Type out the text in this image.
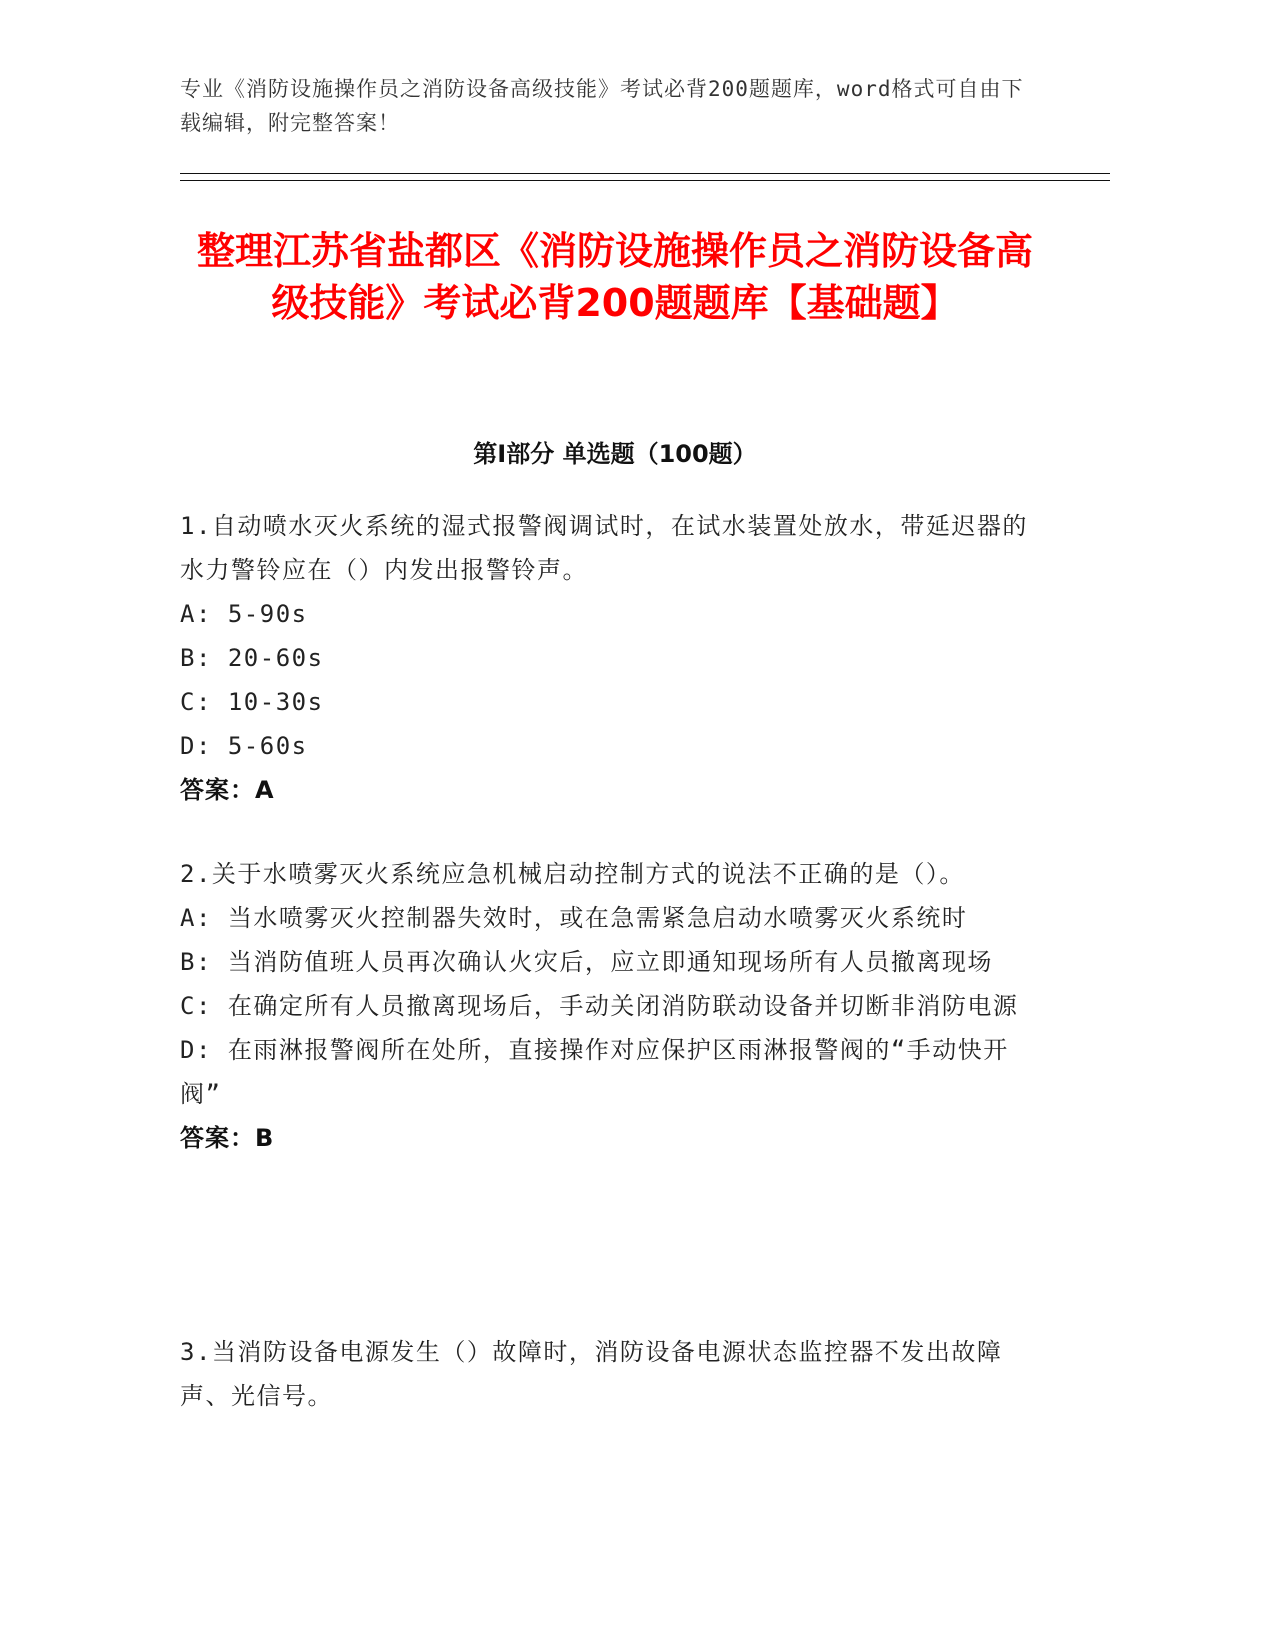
专业《消防设施操作员之消防设备高级技能》考试必背200题题库，word格式可自由下载编辑，附完整答案！
整理江苏省盐都区《消防设施操作员之消防设备高级技能》考试必背200题题库【基础题】
第Ⅰ部分 单选题（100题）

1.自动喷水灭火系统的湿式报警阀调试时，在试水装置处放水，带延迟器的水力警铃应在（）内发出报警铃声。

A: 5-90s

B: 20-60s

C: 10-30s

D: 5-60s

答案：A

2.关于水喷雾灭火系统应急机械启动控制方式的说法不正确的是（）。

A: 当水喷雾灭火控制器失效时，或在急需紧急启动水喷雾灭火系统时

B: 当消防值班人员再次确认火灾后，应立即通知现场所有人员撤离现场

C: 在确定所有人员撤离现场后，手动关闭消防联动设备并切断非消防电源

D: 在雨淋报警阀所在处所，直接操作对应保护区雨淋报警阀的“手动快开阀”

答案：B

3.当消防设备电源发生（）故障时，消防设备电源状态监控器不发出故障声、光信号。
